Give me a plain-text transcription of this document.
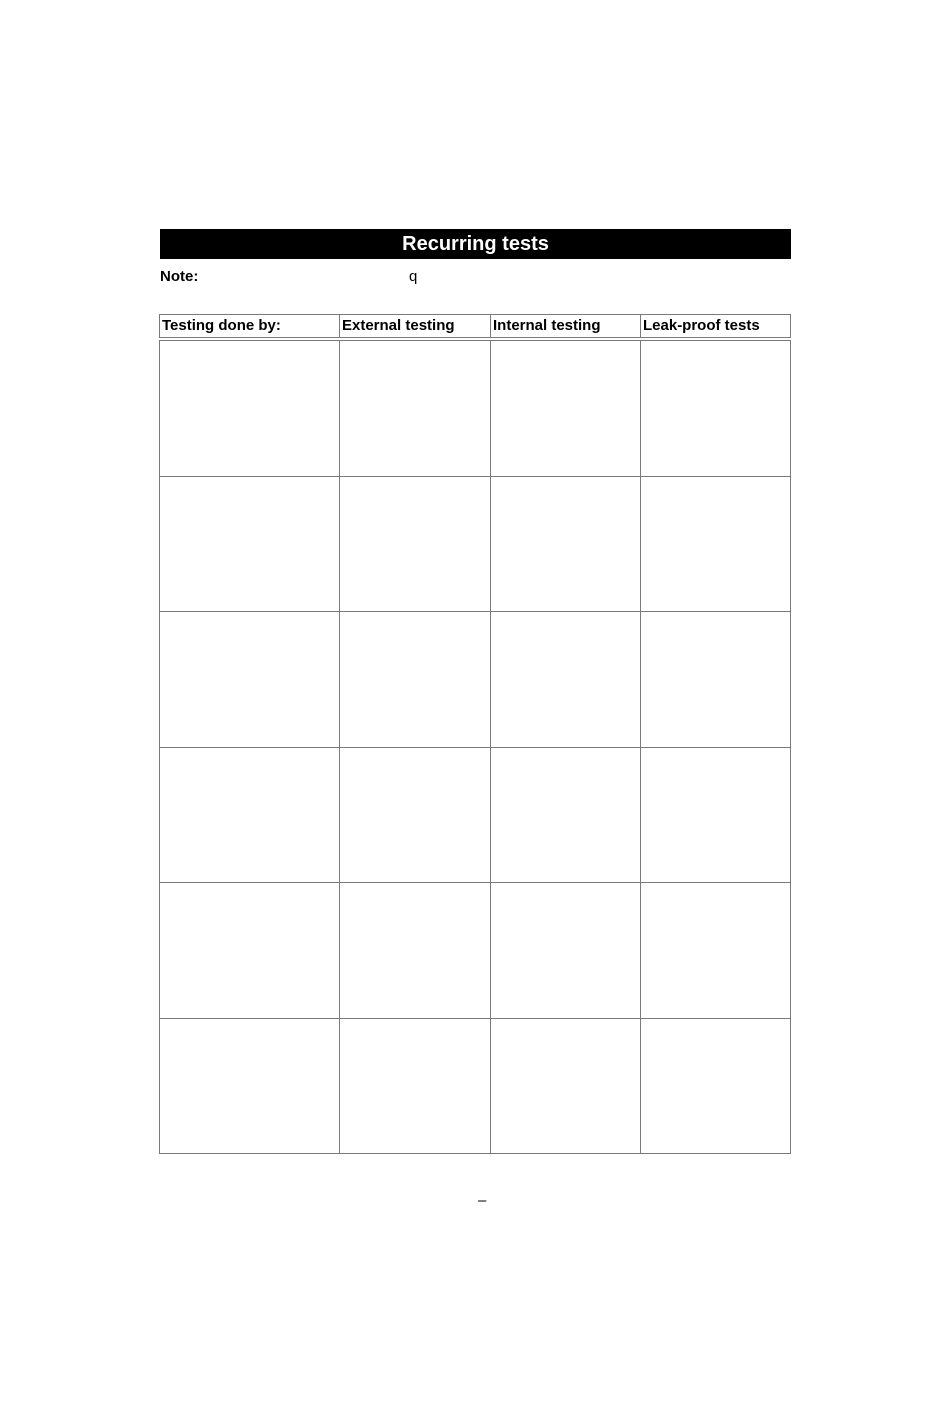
Recurring tests
Note:	q
Testing done by:	External testing	Internal testing	Leak-proof tests
–
